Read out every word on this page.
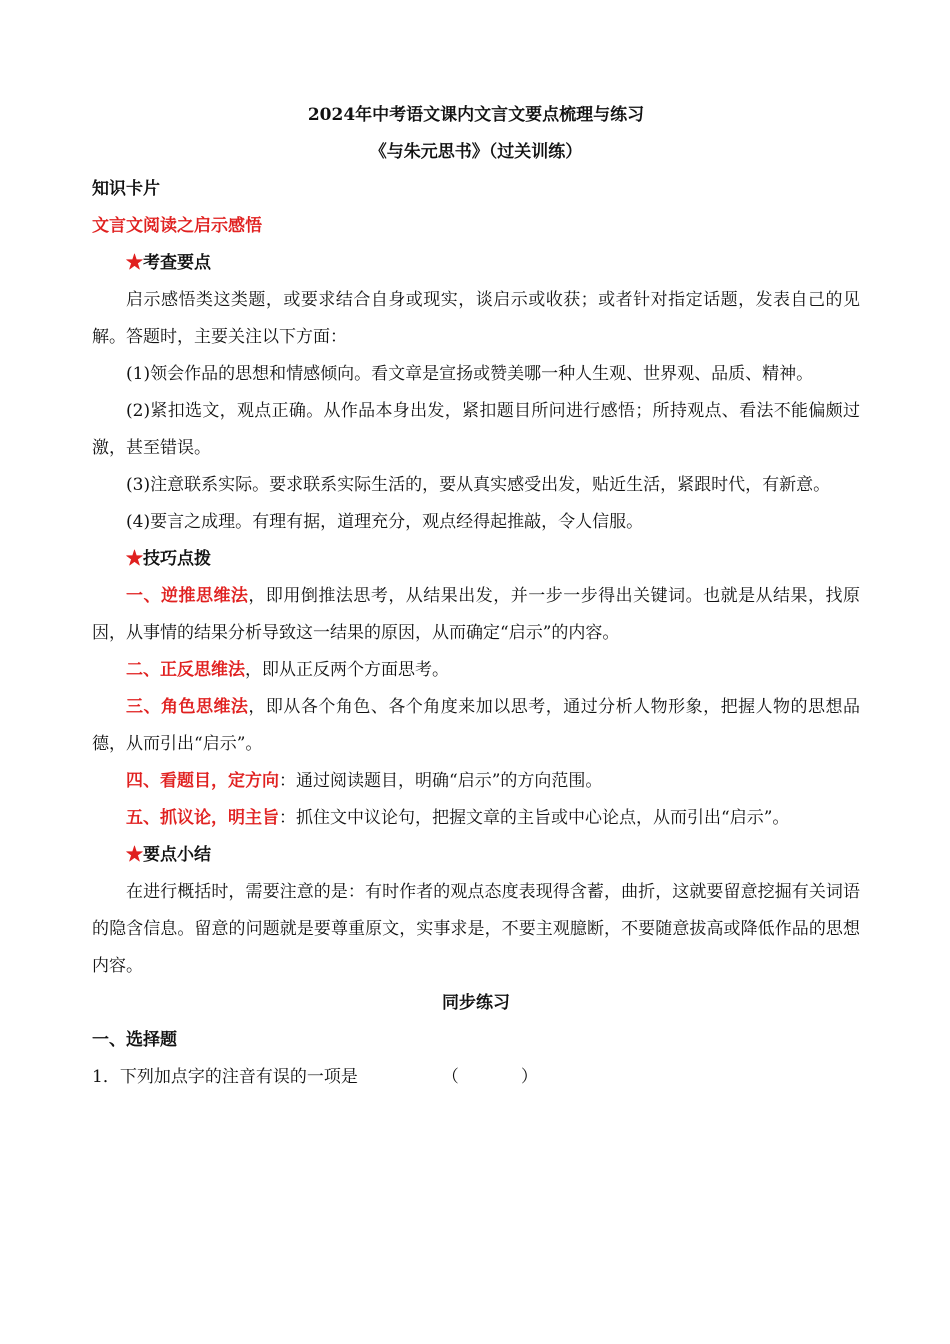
2024年中考语文课内文言文要点梳理与练习

《与朱元思书》（过关训练）

知识卡片

文言文阅读之启示感悟

★考查要点

启示感悟类这类题，或要求结合自身或现实，谈启示或收获；或者针对指定话题，发表自己的见解。答题时，主要关注以下方面：

(1)领会作品的思想和情感倾向。看文章是宣扬或赞美哪一种人生观、世界观、品质、精神。

(2)紧扣选文，观点正确。从作品本身出发，紧扣题目所问进行感悟；所持观点、看法不能偏颇过激，甚至错误。

(3)注意联系实际。要求联系实际生活的，要从真实感受出发，贴近生活，紧跟时代，有新意。

(4)要言之成理。有理有据，道理充分，观点经得起推敲，令人信服。

★技巧点拨

一、逆推思维法，即用倒推法思考，从结果出发，并一步一步得出关键词。也就是从结果，找原因，从事情的结果分析导致这一结果的原因，从而确定“启示”的内容。

二、正反思维法，即从正反两个方面思考。

三、角色思维法，即从各个角色、各个角度来加以思考，通过分析人物形象，把握人物的思想品德，从而引出“启示”。

四、看题目，定方向：通过阅读题目，明确“启示”的方向范围。

五、抓议论，明主旨：抓住文中议论句，把握文章的主旨或中心论点，从而引出“启示”。

★要点小结

在进行概括时，需要注意的是：有时作者的观点态度表现得含蓄，曲折，这就要留意挖掘有关词语的隐含信息。留意的问题就是要尊重原文，实事求是，不要主观臆断，不要随意拔高或降低作品的思想内容。

同步练习

一、选择题

1．下列加点字的注音有误的一项是	（	）
